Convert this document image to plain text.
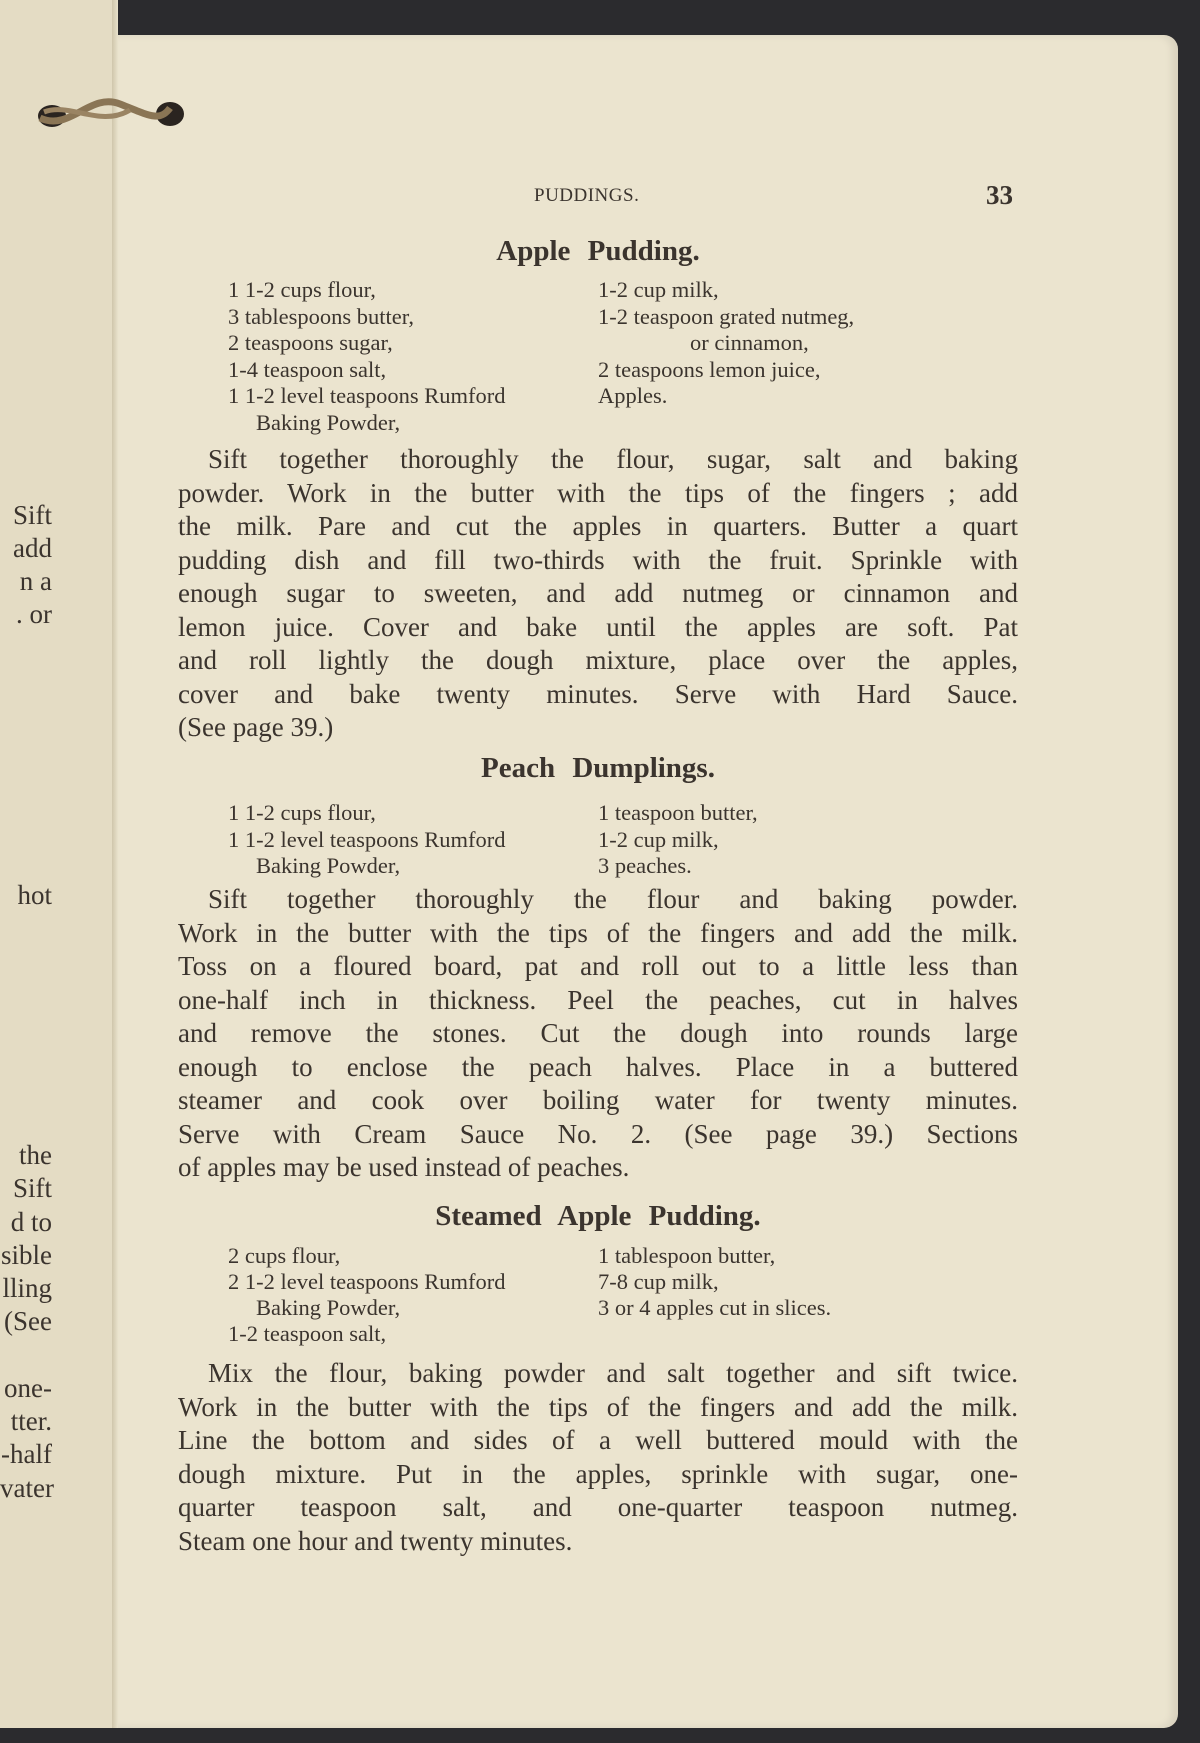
PUDDINGS.	33
Apple Pudding.
1 1-2 cups flour,
3 tablespoons butter,
2 teaspoons sugar,
1-4 teaspoon salt,
1 1-2 level teaspoons Rumford
Baking Powder,
1-2 cup milk,
1-2 teaspoon grated nutmeg,
or cinnamon,
2 teaspoons lemon juice,
Apples.
Sift together thoroughly the flour, sugar, salt and baking
powder. Work in the butter with the tips of the fingers ; add
the milk. Pare and cut the apples in quarters. Butter a quart
pudding dish and fill two-thirds with the fruit. Sprinkle with
enough sugar to sweeten, and add nutmeg or cinnamon and
lemon juice. Cover and bake until the apples are soft. Pat
and roll lightly the dough mixture, place over the apples,
cover and bake twenty minutes. Serve with Hard Sauce.
(See page 39.)
Peach Dumplings.
1 1-2 cups flour,
1 1-2 level teaspoons Rumford
Baking Powder,
1 teaspoon butter,
1-2 cup milk,
3 peaches.
Sift together thoroughly the flour and baking powder.
Work in the butter with the tips of the fingers and add the milk.
Toss on a floured board, pat and roll out to a little less than
one-half inch in thickness. Peel the peaches, cut in halves
and remove the stones. Cut the dough into rounds large
enough to enclose the peach halves. Place in a buttered
steamer and cook over boiling water for twenty minutes.
Serve with Cream Sauce No. 2. (See page 39.) Sections
of apples may be used instead of peaches.
Steamed Apple Pudding.
2 cups flour,
2 1-2 level teaspoons Rumford
Baking Powder,
1-2 teaspoon salt,
1 tablespoon butter,
7-8 cup milk,
3 or 4 apples cut in slices.
Mix the flour, baking powder and salt together and sift twice.
Work in the butter with the tips of the fingers and add the milk.
Line the bottom and sides of a well buttered mould with the
dough mixture. Put in the apples, sprinkle with sugar, one-
quarter teaspoon salt, and one-quarter teaspoon nutmeg.
Steam one hour and twenty minutes.
Sift
add
n a
. or
hot
the
Sift
d to
sible
lling
(See
one-
tter.
-half
vater
